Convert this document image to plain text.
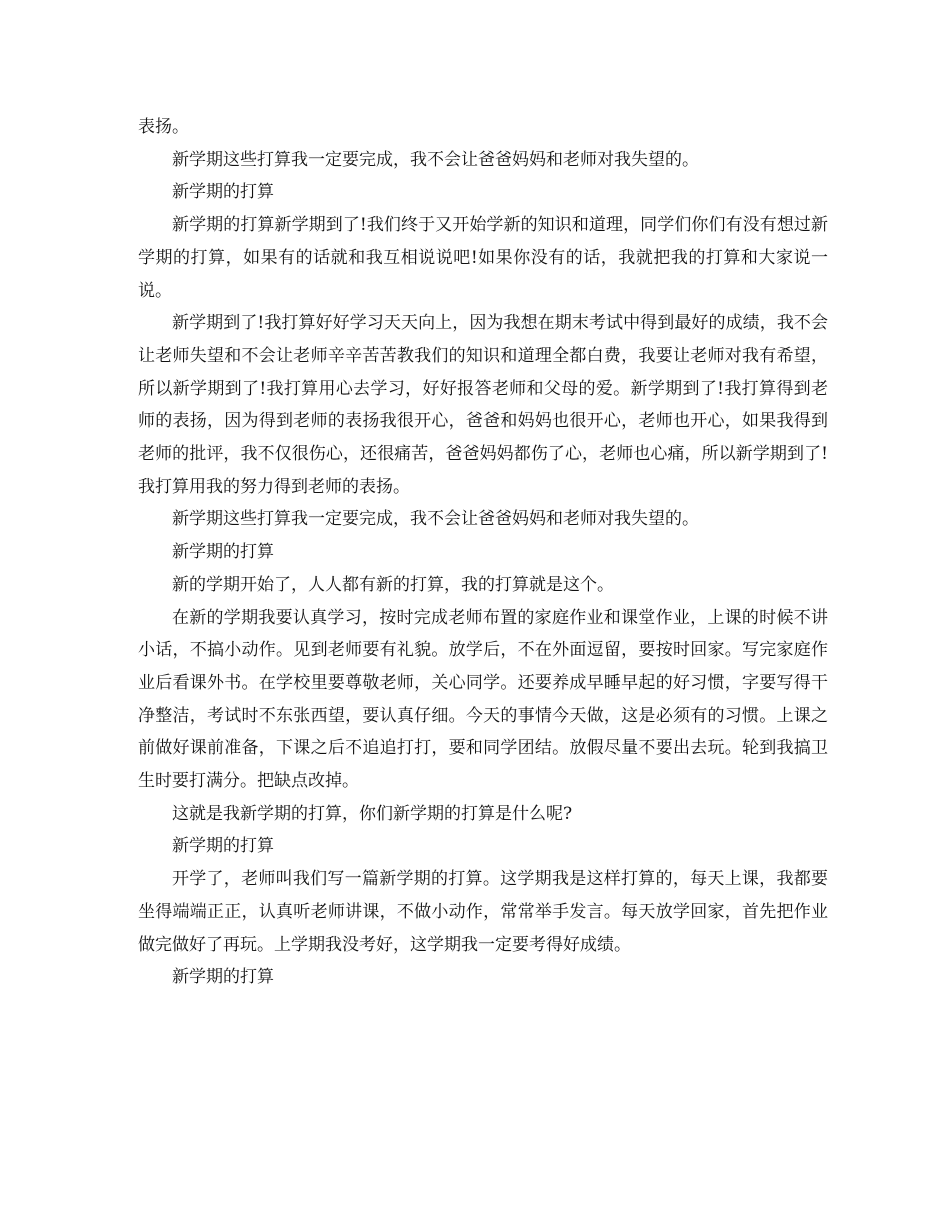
表扬。

新学期这些打算我一定要完成，我不会让爸爸妈妈和老师对我失望的。

新学期的打算

新学期的打算新学期到了!我们终于又开始学新的知识和道理，同学们你们有没有想过新学期的打算，如果有的话就和我互相说说吧!如果你没有的话，我就把我的打算和大家说一说。

新学期到了!我打算好好学习天天向上，因为我想在期末考试中得到最好的成绩，我不会让老师失望和不会让老师辛辛苦苦教我们的知识和道理全都白费，我要让老师对我有希望，所以新学期到了!我打算用心去学习，好好报答老师和父母的爱。新学期到了!我打算得到老师的表扬，因为得到老师的表扬我很开心，爸爸和妈妈也很开心，老师也开心，如果我得到老师的批评，我不仅很伤心，还很痛苦，爸爸妈妈都伤了心，老师也心痛，所以新学期到了!我打算用我的努力得到老师的表扬。

新学期这些打算我一定要完成，我不会让爸爸妈妈和老师对我失望的。

新学期的打算

新的学期开始了，人人都有新的打算，我的打算就是这个。

在新的学期我要认真学习，按时完成老师布置的家庭作业和课堂作业，上课的时候不讲小话，不搞小动作。见到老师要有礼貌。放学后，不在外面逗留，要按时回家。写完家庭作业后看课外书。在学校里要尊敬老师，关心同学。还要养成早睡早起的好习惯，字要写得干净整洁，考试时不东张西望，要认真仔细。今天的事情今天做，这是必须有的习惯。上课之前做好课前准备，下课之后不追追打打，要和同学团结。放假尽量不要出去玩。轮到我搞卫生时要打满分。把缺点改掉。

这就是我新学期的打算，你们新学期的打算是什么呢?

新学期的打算

开学了，老师叫我们写一篇新学期的打算。这学期我是这样打算的，每天上课，我都要坐得端端正正，认真听老师讲课，不做小动作，常常举手发言。每天放学回家，首先把作业做完做好了再玩。上学期我没考好，这学期我一定要考得好成绩。

新学期的打算
